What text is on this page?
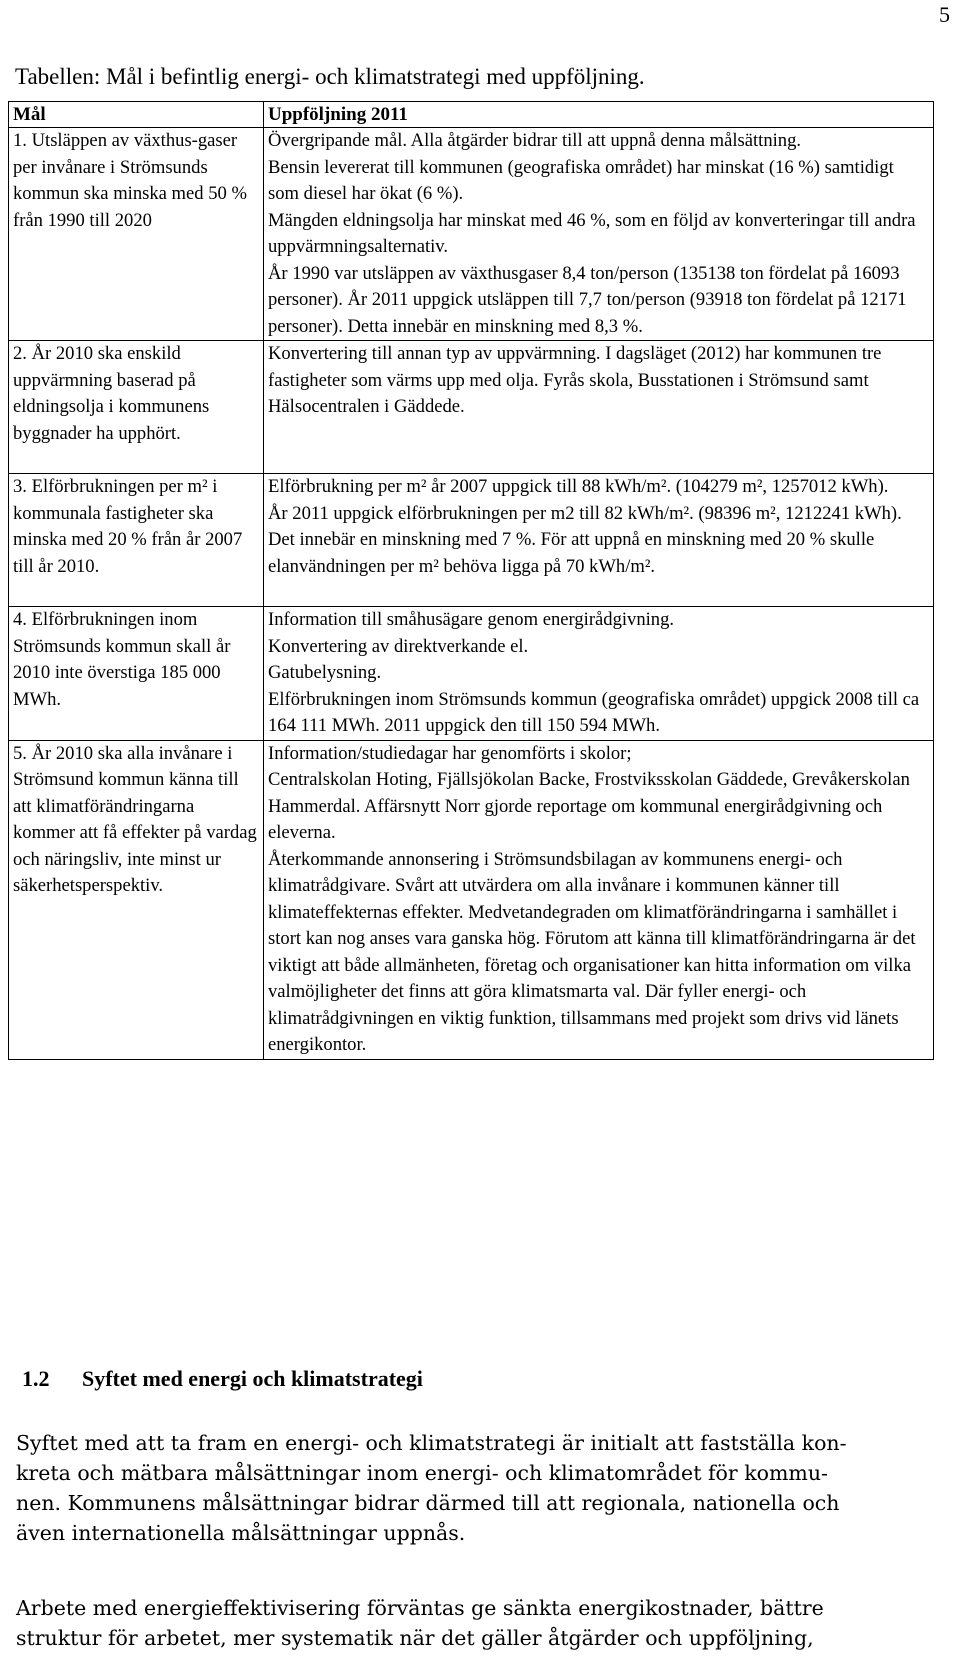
5
Tabellen: Mål i befintlig energi- och klimatstrategi med uppföljning.
Mål	Uppföljning 2011

1. Utsläppen av växthus-gaser per invånare i Strömsunds kommun ska minska med 50 % från 1990 till 2020	Övergripande mål. Alla åtgärder bidrar till att uppnå denna målsättning.
Bensin levererat till kommunen (geografiska området) har minskat (16 %) samtidigt som diesel har ökat (6 %).
Mängden eldningsolja har minskat med 46 %, som en följd av konverteringar till andra uppvärmningsalternativ.
År 1990 var utsläppen av växthusgaser 8,4 ton/person (135138 ton fördelat på 16093 personer). År 2011 uppgick utsläppen till 7,7 ton/person (93918 ton fördelat på 12171 personer). Detta innebär en minskning med 8,3 %.

2. År 2010 ska enskild uppvärmning baserad på eldningsolja i kommunens byggnader ha upphört.	Konvertering till annan typ av uppvärmning. I dagsläget (2012) har kommunen tre fastigheter som värms upp med olja. Fyrås skola, Busstationen i Strömsund samt Hälsocentralen i Gäddede.

3. Elförbrukningen per m² i kommunala fastigheter ska minska med 20 % från år 2007 till år 2010.	Elförbrukning per m² år 2007 uppgick till 88 kWh/m². (104279 m², 1257012 kWh).
År 2011 uppgick elförbrukningen per m2 till 82 kWh/m². (98396 m², 1212241 kWh).
Det innebär en minskning med 7 %. För att uppnå en minskning med 20 % skulle elanvändningen per m² behöva ligga på 70 kWh/m².

4. Elförbrukningen inom Strömsunds kommun skall år 2010 inte överstiga 185 000 MWh.	Information till småhusägare genom energirådgivning.
Konvertering av direktverkande el.
Gatubelysning.
Elförbrukningen inom Strömsunds kommun (geografiska området) uppgick 2008 till ca 164 111 MWh. 2011 uppgick den till 150 594 MWh.

5. År 2010 ska alla invånare i Strömsund kommun känna till att klimatförändringarna kommer att få effekter på vardag och näringsliv, inte minst ur säkerhetsperspektiv.	Information/studiedagar har genomförts i skolor;
Centralskolan Hoting, Fjällsjökolan Backe, Frostviksskolan Gäddede, Grevåkerskolan Hammerdal. Affärsnytt Norr gjorde reportage om kommunal energirådgivning och eleverna.
Återkommande annonsering i Strömsundsbilagan av kommunens energi- och klimatrådgivare. Svårt att utvärdera om alla invånare i kommunen känner till klimateffekternas effekter. Medvetandegraden om klimatförändringarna i samhället i stort kan nog anses vara ganska hög. Förutom att känna till klimatförändringarna är det viktigt att både allmänheten, företag och organisationer kan hitta information om vilka valmöjligheter det finns att göra klimatsmarta val. Där fyller energi- och klimatrådgivningen en viktig funktion, tillsammans med projekt som drivs vid länets energikontor.
1.2 Syftet med energi och klimatstrategi

Syftet med att ta fram en energi- och klimatstrategi är initialt att fastställa kon-

kreta och mätbara målsättningar inom energi- och klimatområdet för kommu-

nen. Kommunens målsättningar bidrar därmed till att regionala, nationella och

även internationella målsättningar uppnås.

Arbete med energieffektivisering förväntas ge sänkta energikostnader, bättre

struktur för arbetet, mer systematik när det gäller åtgärder och uppföljning,
